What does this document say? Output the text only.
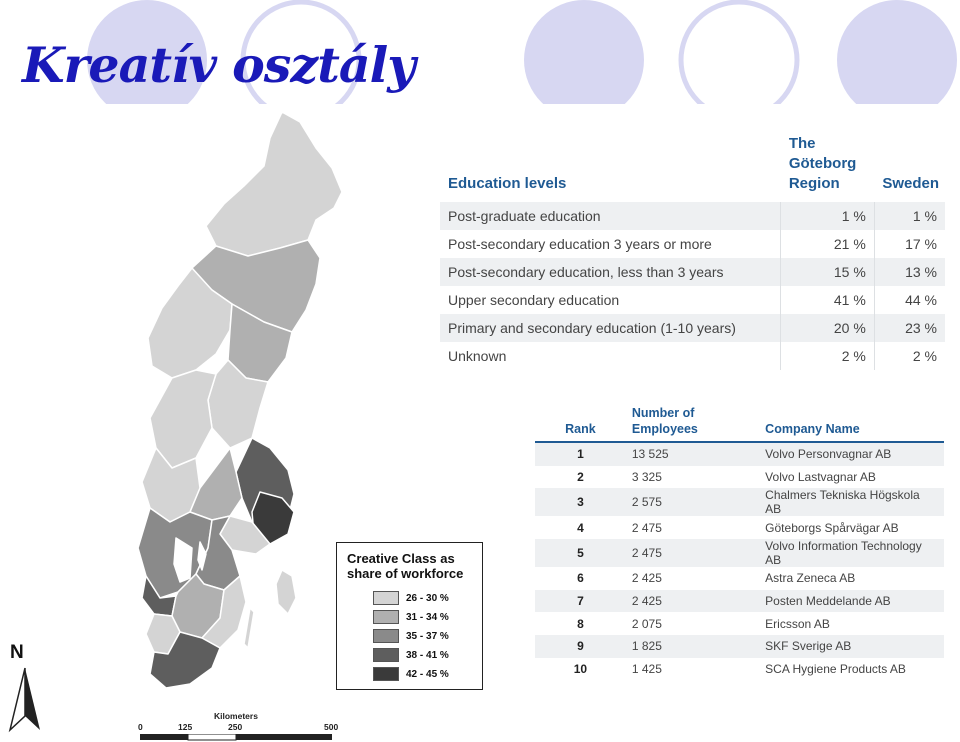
Kreatív osztály
Education levels	The Göteborg Region	Sweden
Post-graduate education	1 %	1 %
Post-secondary education 3 years or more	21 %	17 %
Post-secondary education, less than 3 years	15 %	13 %
Upper secondary education	41 %	44 %
Primary and secondary education (1-10 years)	20 %	23 %
Unknown	2 %	2 %
Rank	Number of Employees	Company Name
1	13 525	Volvo Personvagnar AB
2	3 325	Volvo Lastvagnar AB
3	2 575	Chalmers Tekniska Högskola AB
4	2 475	Göteborgs Spårvägar AB
5	2 475	Volvo Information Technology AB
6	2 425	Astra Zeneca AB
7	2 425	Posten Meddelande AB
8	2 075	Ericsson AB
9	1 825	SKF Sverige AB
10	1 425	SCA Hygiene Products AB
Creative Class as share of workforce
26 - 30 %
31 - 34 %
35 - 37 %
38 - 41 %
42 - 45 %
N
Kilometers
0	125	250	500
